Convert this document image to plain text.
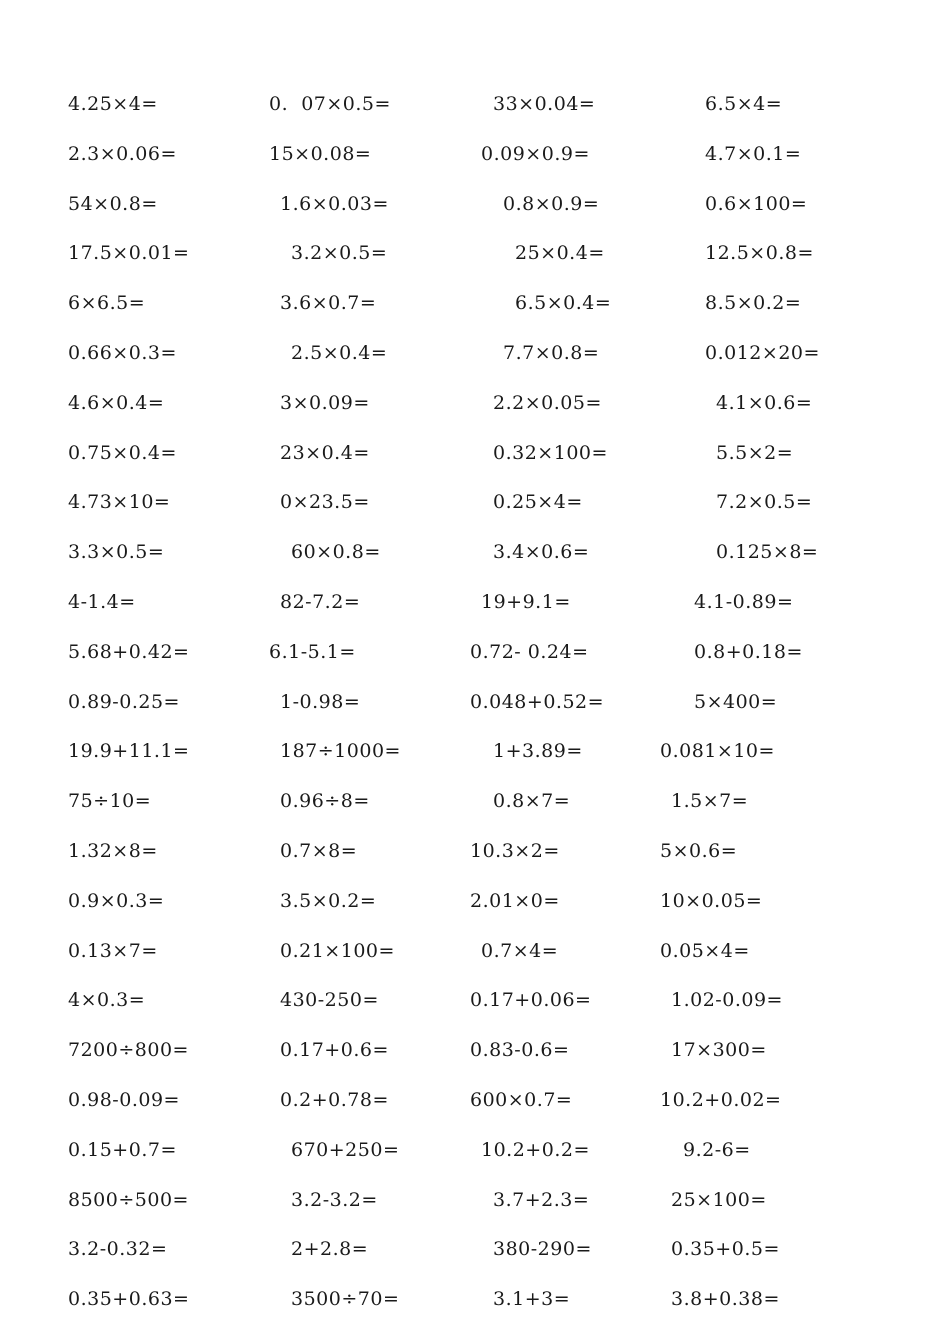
4.25×4=	0.  07×0.5=	33×0.04=	6.5×4=
2.3×0.06=	15×0.08=	0.09×0.9=	4.7×0.1=
54×0.8=	1.6×0.03=	0.8×0.9=	0.6×100=
17.5×0.01=	3.2×0.5=	25×0.4=	12.5×0.8=
6×6.5=	3.6×0.7=	6.5×0.4=	8.5×0.2=
0.66×0.3=	2.5×0.4=	7.7×0.8=	0.012×20=
4.6×0.4=	3×0.09=	2.2×0.05=	4.1×0.6=
0.75×0.4=	23×0.4=	0.32×100=	5.5×2=
4.73×10=	0×23.5=	0.25×4=	7.2×0.5=
3.3×0.5=	60×0.8=	3.4×0.6=	0.125×8=
4-1.4=	82-7.2=	19+9.1=	4.1-0.89=
5.68+0.42=	6.1-5.1=	0.72- 0.24=	0.8+0.18=
0.89-0.25=	1-0.98=	0.048+0.52=	5×400=
19.9+11.1=	187÷1000=	1+3.89=	0.081×10=
75÷10=	0.96÷8=	0.8×7=	1.5×7=
1.32×8=	0.7×8=	10.3×2=	5×0.6=
0.9×0.3=	3.5×0.2=	2.01×0=	10×0.05=
0.13×7=	0.21×100=	0.7×4=	0.05×4=
4×0.3=	430-250=	0.17+0.06=	1.02-0.09=
7200÷800=	0.17+0.6=	0.83-0.6=	17×300=
0.98-0.09=	0.2+0.78=	600×0.7=	10.2+0.02=
0.15+0.7=	670+250=	10.2+0.2=	9.2-6=
8500÷500=	3.2-3.2=	3.7+2.3=	25×100=
3.2-0.32=	2+2.8=	380-290=	0.35+0.5=
0.35+0.63=	3500÷70=	3.1+3=	3.8+0.38=
